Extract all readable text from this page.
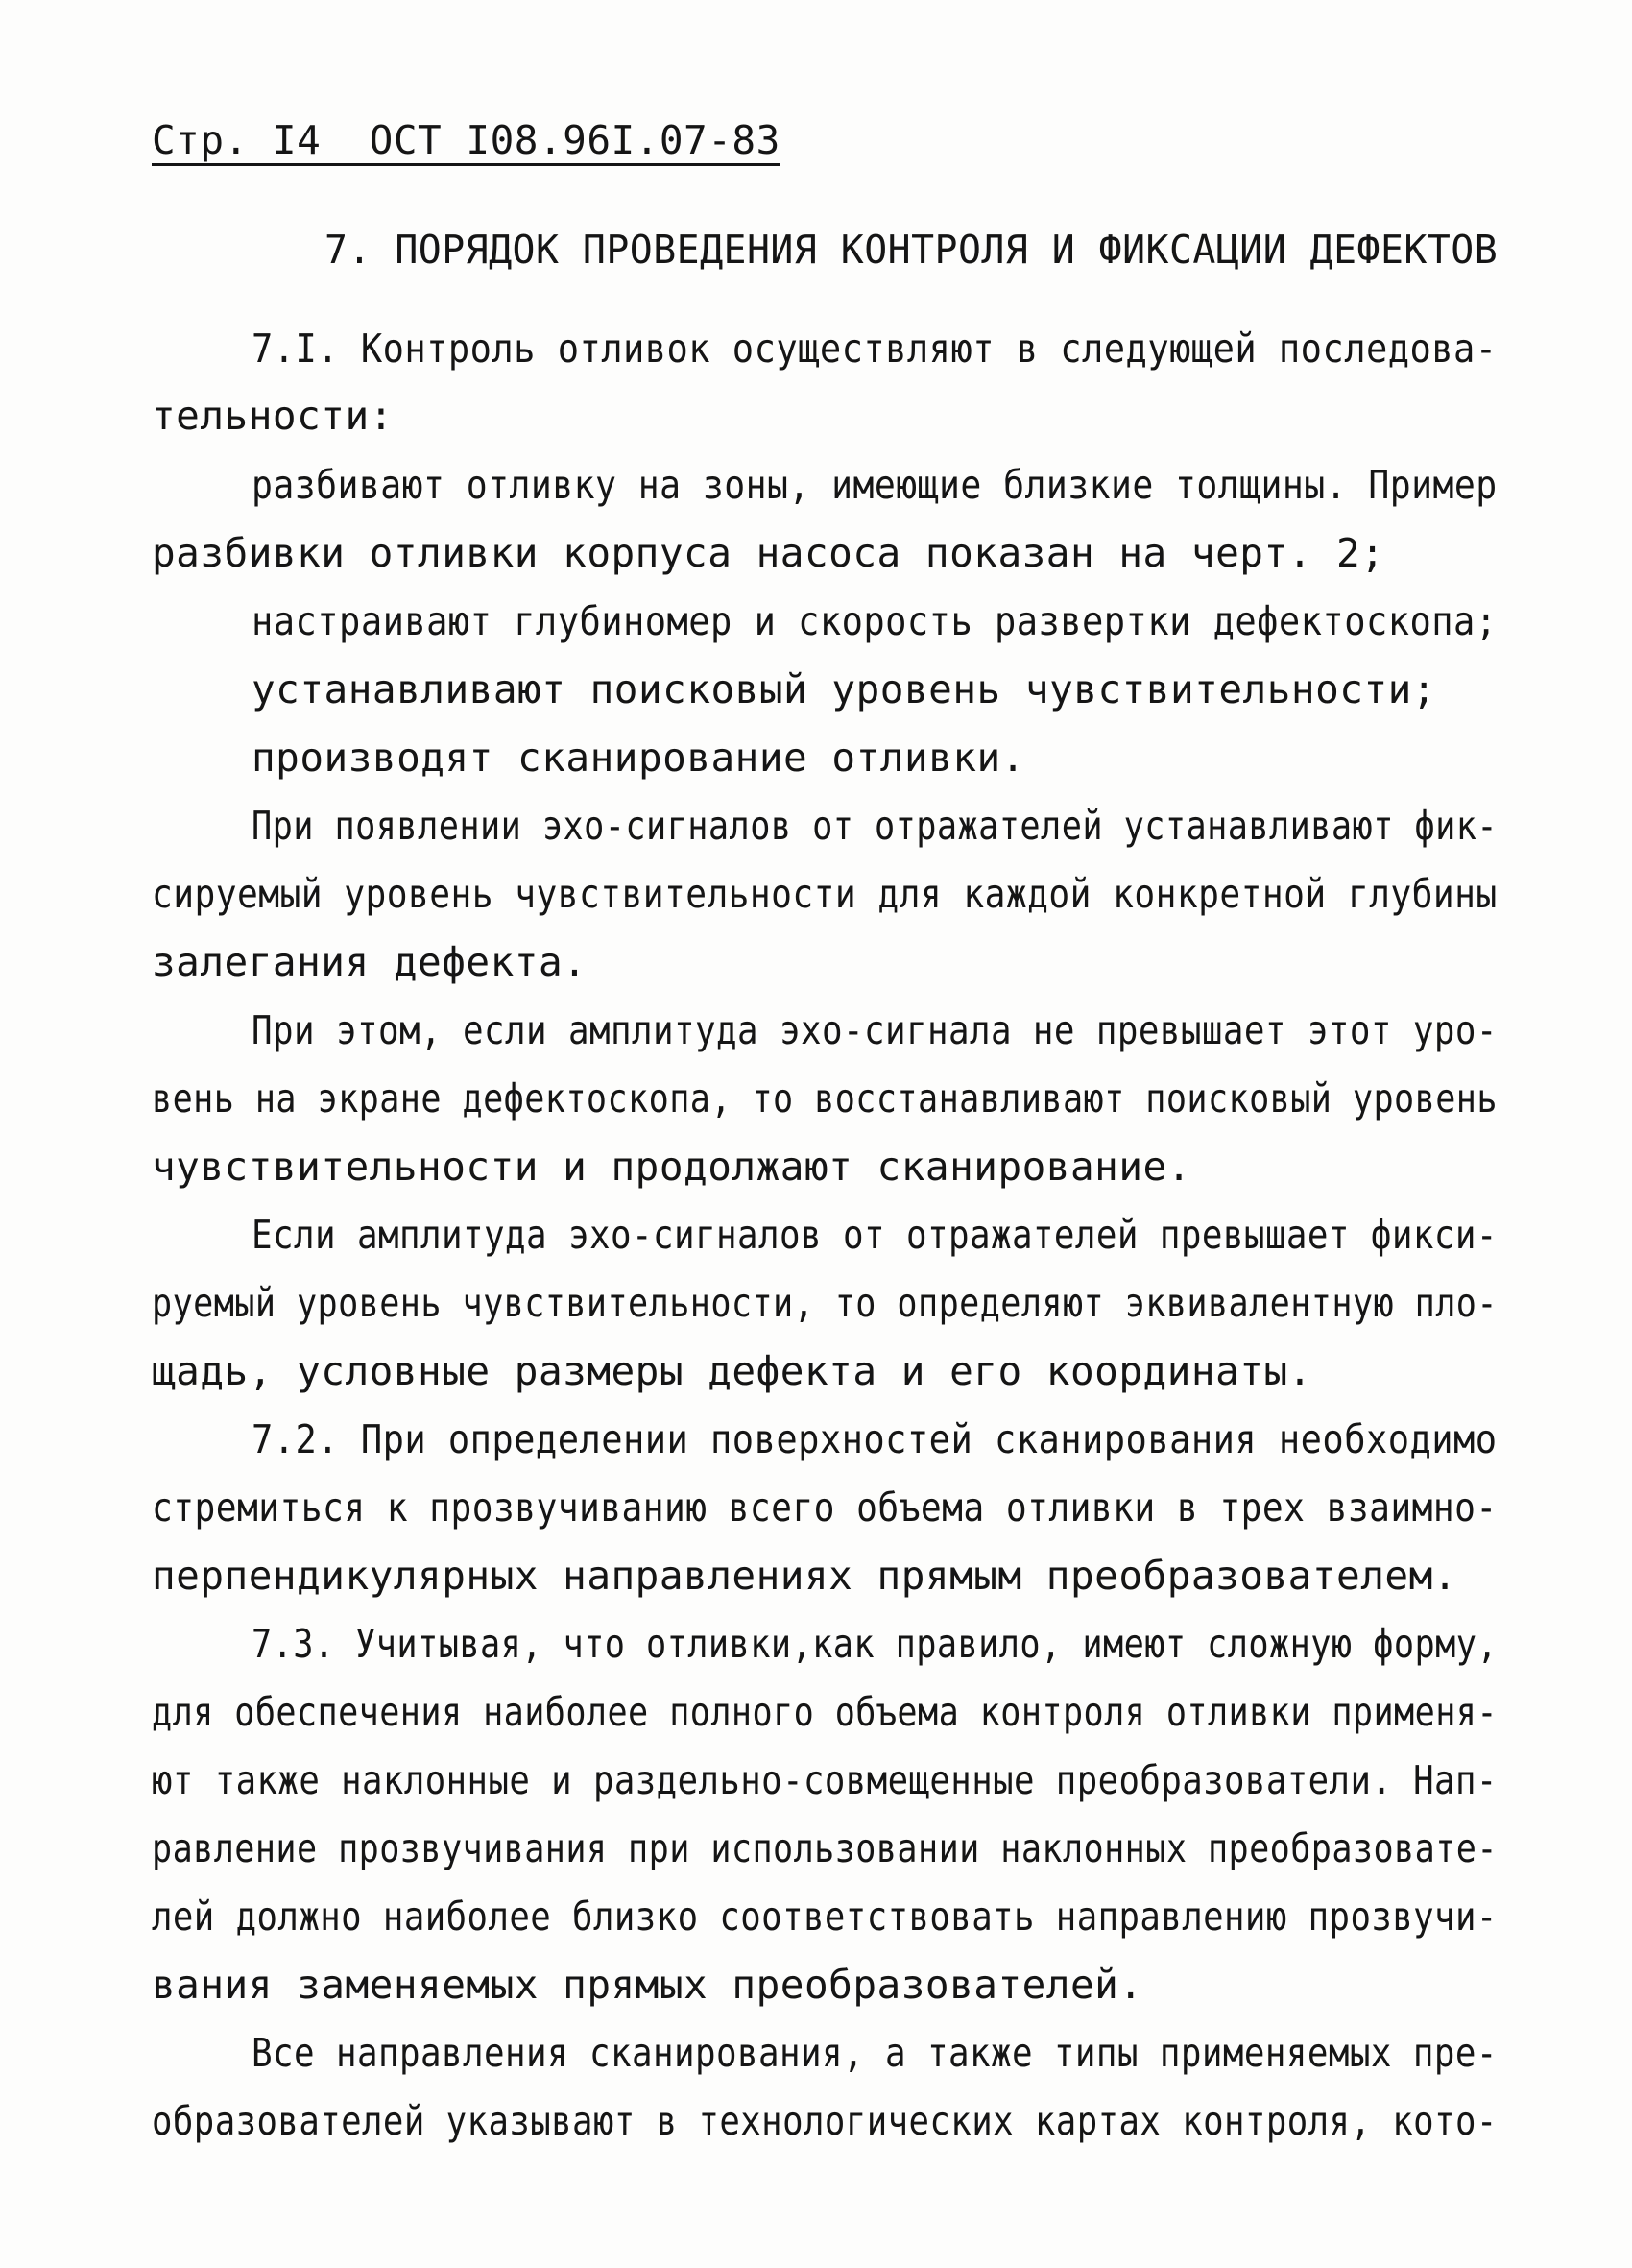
Стр. I4  ОСТ I08.96I.07-83
7. ПОРЯДОК ПРОВЕДЕНИЯ КОНТРОЛЯ И ФИКСАЦИИ ДЕФЕКТОВ
7.I. Контроль отливок осуществляют в следующей последова-
тельности:
разбивают отливку на зоны, имеющие близкие толщины. Пример
разбивки отливки корпуса насоса показан на черт. 2;
настраивают глубиномер и скорость развертки дефектоскопа;
устанавливают поисковый уровень чувствительности;
производят сканирование отливки.
При появлении эхо-сигналов от отражателей устанавливают фик-
сируемый уровень чувствительности для каждой конкретной глубины
залегания дефекта.
При этом, если амплитуда эхо-сигнала не превышает этот уро-
вень на экране дефектоскопа, то восстанавливают поисковый уровень
чувствительности и продолжают сканирование.
Если амплитуда эхо-сигналов от отражателей превышает фикси-
руемый уровень чувствительности, то определяют эквивалентную пло-
щадь, условные размеры дефекта и его координаты.
7.2. При определении поверхностей сканирования необходимо
стремиться к прозвучиванию всего объема отливки в трех взаимно-
перпендикулярных направлениях прямым преобразователем.
7.3. Учитывая, что отливки,как правило, имеют сложную форму,
для обеспечения наиболее полного объема контроля отливки применя-
ют также наклонные и раздельно-совмещенные преобразователи. Нап-
равление прозвучивания при использовании наклонных преобразовате-
лей должно наиболее близко соответствовать направлению прозвучи-
вания заменяемых прямых преобразователей.
Все направления сканирования, а также типы применяемых пре-
образователей указывают в технологических картах контроля, кото-
